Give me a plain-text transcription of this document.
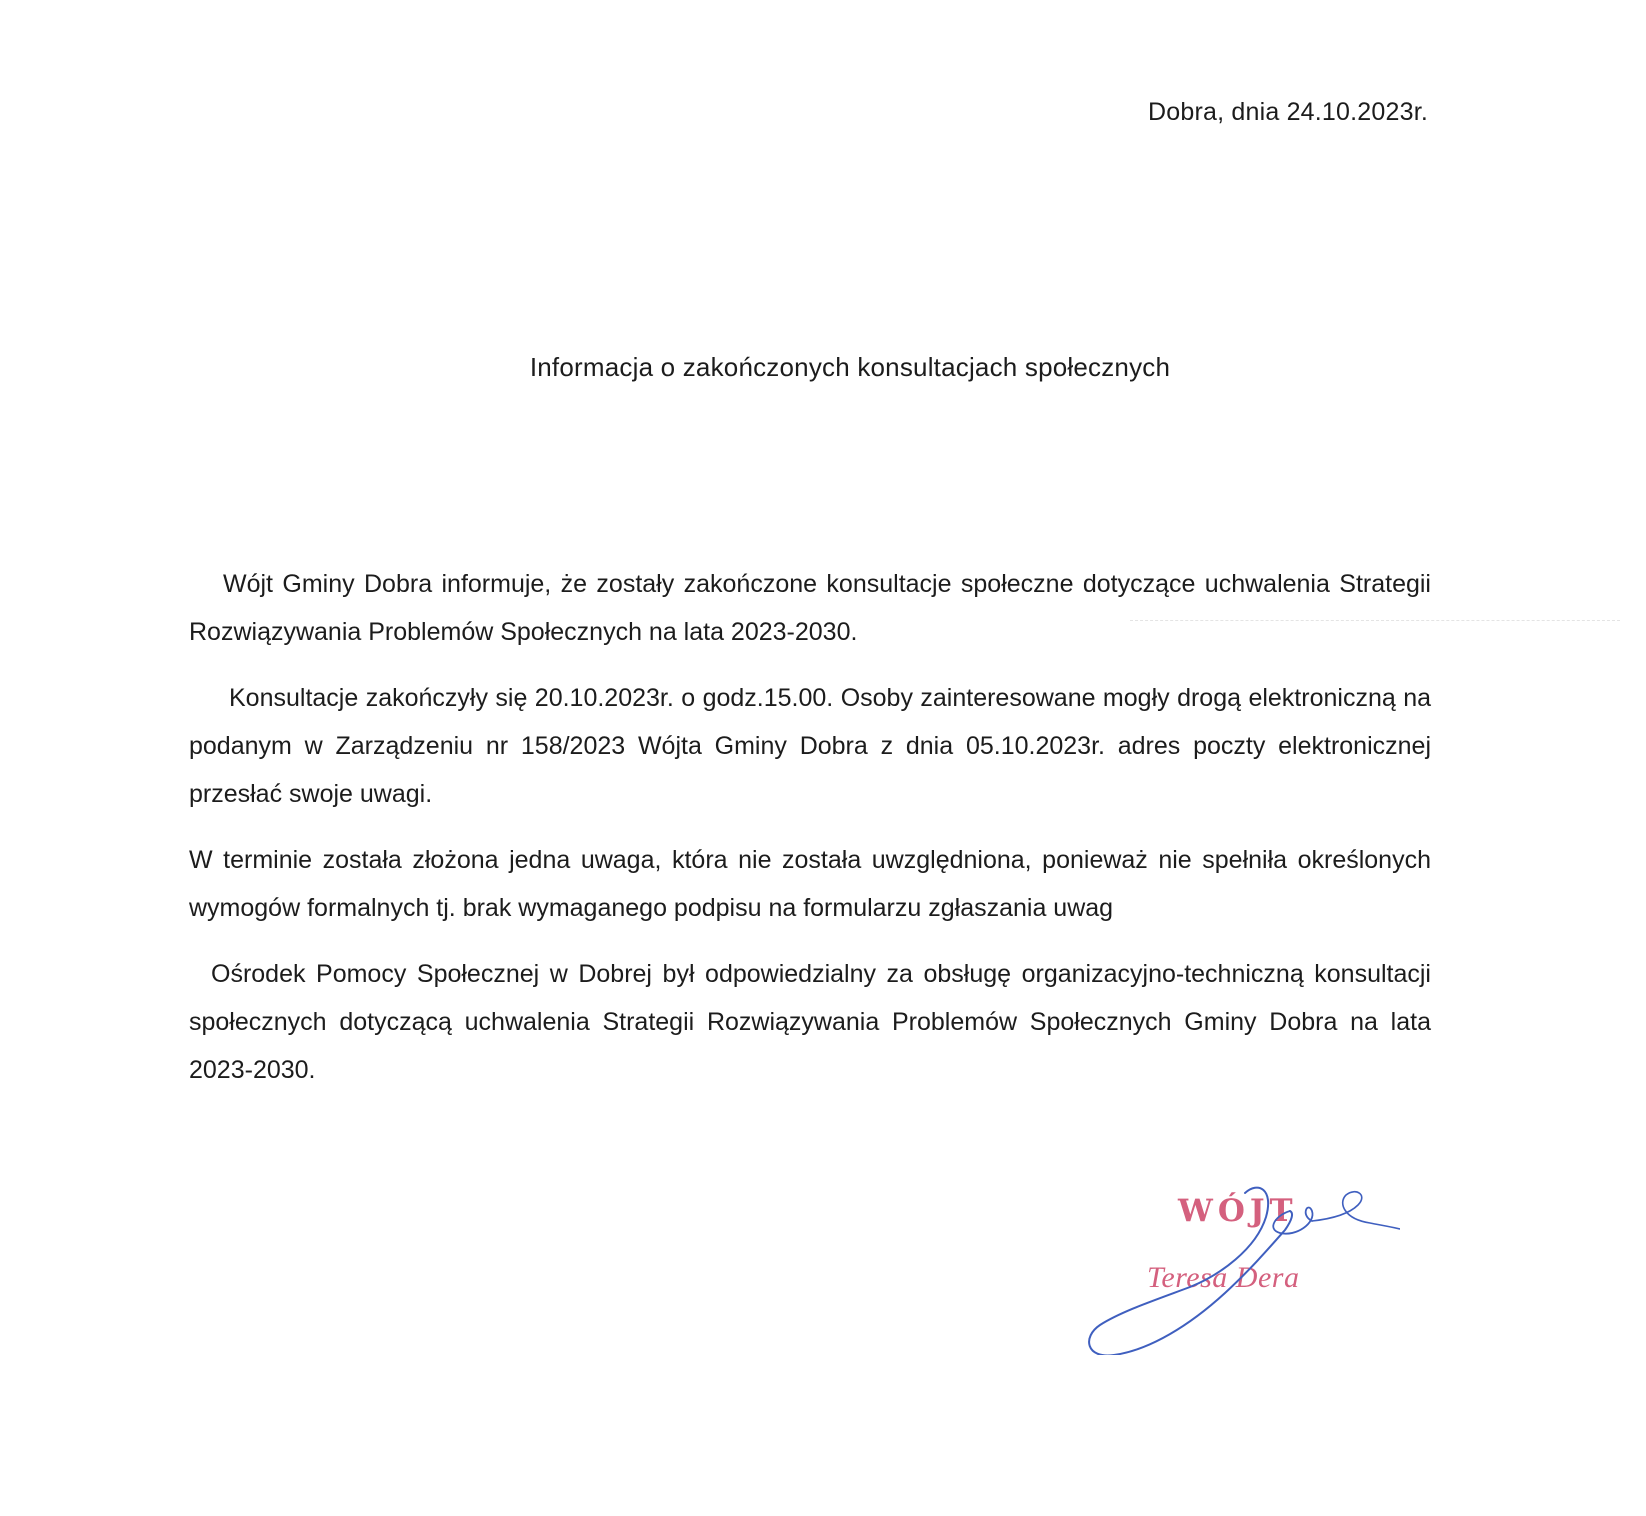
Dobra, dnia 24.10.2023r.
Informacja o zakończonych konsultacjach społecznych

Wójt Gminy Dobra informuje, że zostały zakończone konsultacje społeczne dotyczące uchwalenia Strategii Rozwiązywania Problemów Społecznych na lata 2023-2030.

Konsultacje zakończyły się 20.10.2023r. o godz.15.00. Osoby zainteresowane mogły drogą elektroniczną na podanym w Zarządzeniu nr 158/2023 Wójta Gminy Dobra z dnia 05.10.2023r. adres poczty elektronicznej przesłać swoje uwagi.

W terminie została złożona jedna uwaga, która nie została uwzględniona, ponieważ nie spełniła określonych wymogów formalnych tj. brak wymaganego podpisu na formularzu zgłaszania uwag

Ośrodek Pomocy Społecznej w Dobrej był odpowiedzialny za obsługę organizacyjno-techniczną konsultacji społecznych dotyczącą uchwalenia Strategii Rozwiązywania Problemów Społecznych Gminy Dobra na lata 2023-2030.

WÓJT
Teresa Dera
